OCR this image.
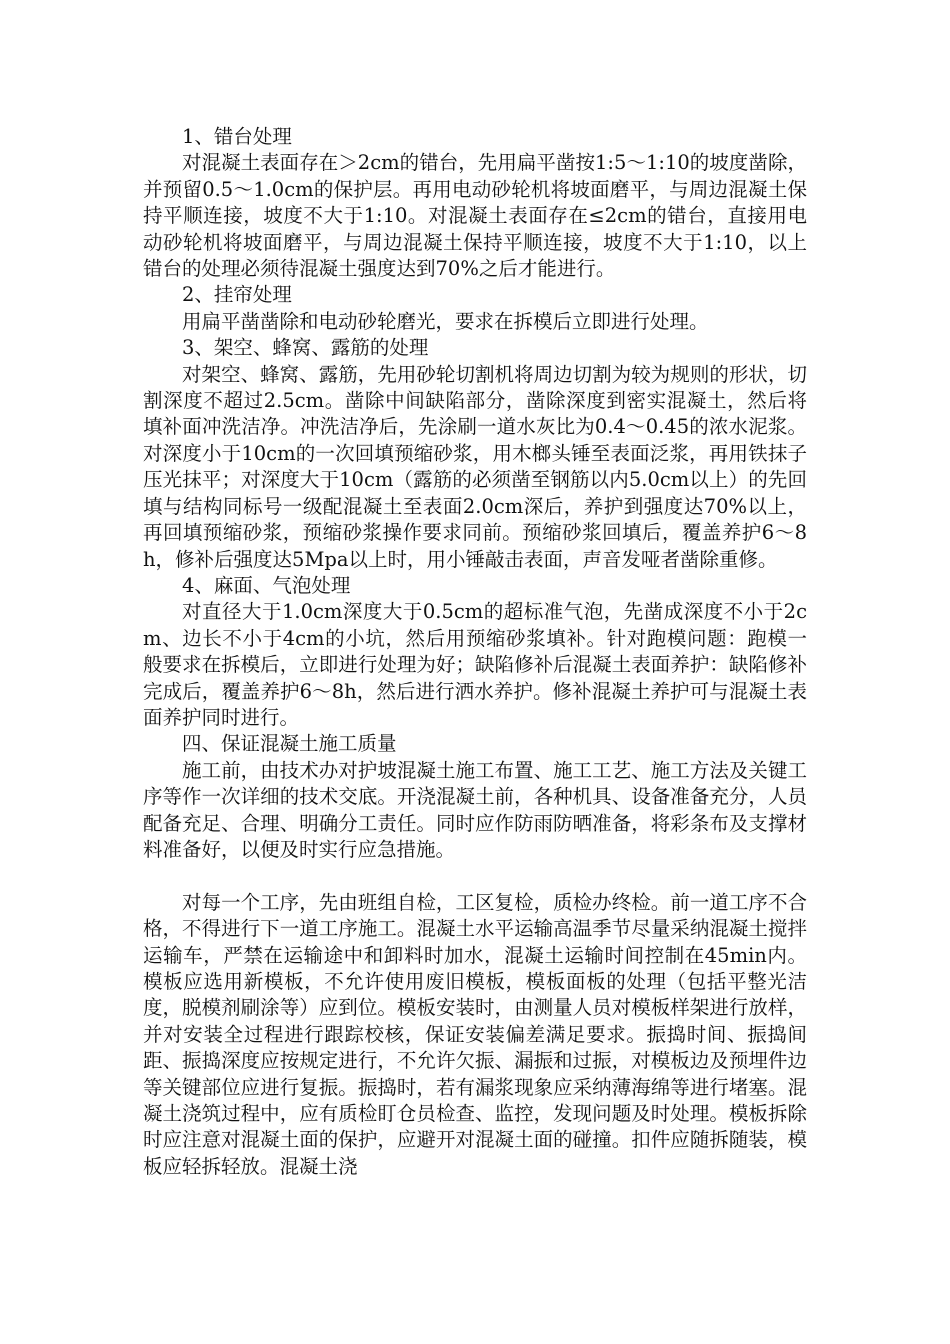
1、错台处理

对混凝土表面存在＞2cm的错台，先用扁平凿按1:5～1:10的坡度凿除，并预留0.5～1.0cm的保护层。再用电动砂轮机将坡面磨平，与周边混凝土保持平顺连接，坡度不大于1:10。对混凝土表面存在≤2cm的错台，直接用电动砂轮机将坡面磨平，与周边混凝土保持平顺连接，坡度不大于1:10，以上错台的处理必须待混凝土强度达到70%之后才能进行。

2、挂帘处理

用扁平凿凿除和电动砂轮磨光，要求在拆模后立即进行处理。

3、架空、蜂窝、露筋的处理

对架空、蜂窝、露筋，先用砂轮切割机将周边切割为较为规则的形状，切割深度不超过2.5cm。凿除中间缺陷部分，凿除深度到密实混凝土，然后将填补面冲洗洁净。冲洗洁净后，先涂刷一道水灰比为0.4～0.45的浓水泥浆。对深度小于10cm的一次回填预缩砂浆，用木榔头锤至表面泛浆，再用铁抹子压光抹平；对深度大于10cm（露筋的必须凿至钢筋以内5.0cm以上）的先回填与结构同标号一级配混凝土至表面2.0cm深后，养护到强度达70%以上，再回填预缩砂浆，预缩砂浆操作要求同前。预缩砂浆回填后，覆盖养护6～8h，修补后强度达5Mpa以上时，用小锤敲击表面，声音发哑者凿除重修。

4、麻面、气泡处理

对直径大于1.0cm深度大于0.5cm的超标准气泡，先凿成深度不小于2cm、边长不小于4cm的小坑，然后用预缩砂浆填补。针对跑模问题：跑模一般要求在拆模后，立即进行处理为好；缺陷修补后混凝土表面养护：缺陷修补完成后，覆盖养护6～8h，然后进行洒水养护。修补混凝土养护可与混凝土表面养护同时进行。

四、保证混凝土施工质量

施工前，由技术办对护坡混凝土施工布置、施工工艺、施工方法及关键工序等作一次详细的技术交底。开浇混凝土前，各种机具、设备准备充分，人员配备充足、合理、明确分工责任。同时应作防雨防晒准备，将彩条布及支撑材料准备好，以便及时实行应急措施。

对每一个工序，先由班组自检，工区复检，质检办终检。前一道工序不合格，不得进行下一道工序施工。混凝土水平运输高温季节尽量采纳混凝土搅拌运输车，严禁在运输途中和卸料时加水，混凝土运输时间控制在45min内。模板应选用新模板，不允许使用废旧模板，模板面板的处理（包括平整光洁度，脱模剂刷涂等）应到位。模板安装时，由测量人员对模板样架进行放样，并对安装全过程进行跟踪校核，保证安装偏差满足要求。振捣时间、振捣间距、振捣深度应按规定进行，不允许欠振、漏振和过振，对模板边及预埋件边等关键部位应进行复振。振捣时，若有漏浆现象应采纳薄海绵等进行堵塞。混凝土浇筑过程中，应有质检盯仓员检查、监控，发现问题及时处理。模板拆除时应注意对混凝土面的保护，应避开对混凝土面的碰撞。扣件应随拆随装，模板应轻拆轻放。混凝土浇
